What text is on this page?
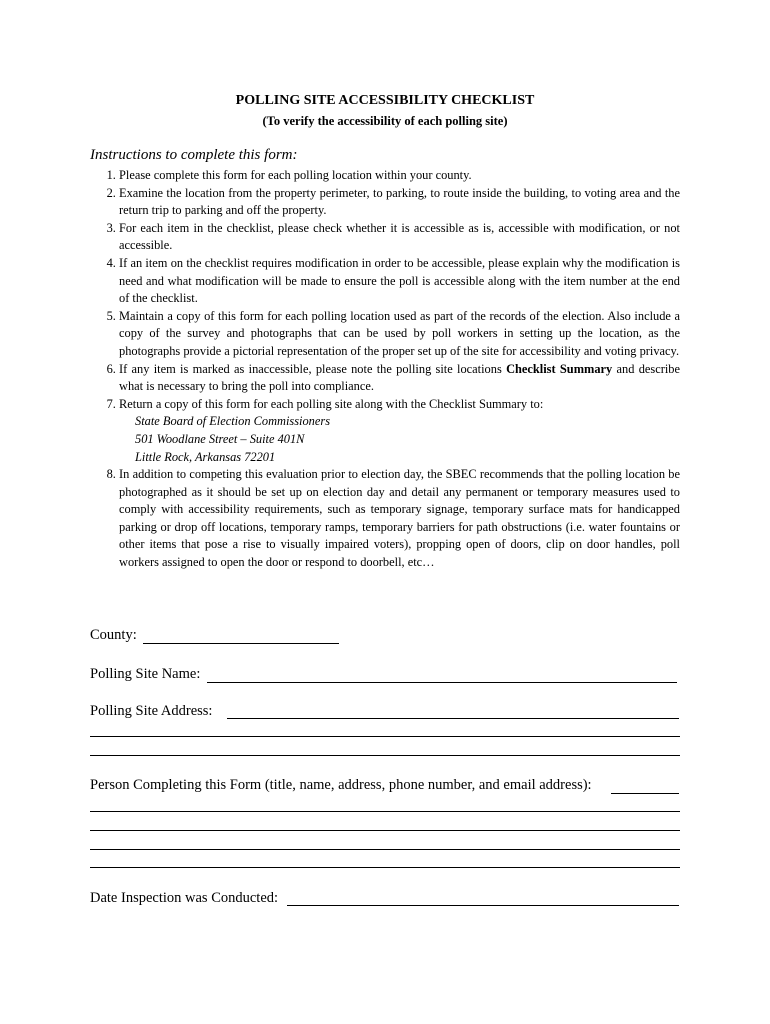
POLLING SITE ACCESSIBILITY CHECKLIST
(To verify the accessibility of each polling site)
Instructions to complete this form:
1. Please complete this form for each polling location within your county.
2. Examine the location from the property perimeter, to parking, to route inside the building, to voting area and the return trip to parking and off the property.
3. For each item in the checklist, please check whether it is accessible as is, accessible with modification, or not accessible.
4. If an item on the checklist requires modification in order to be accessible, please explain why the modification is need and what modification will be made to ensure the poll is accessible along with the item number at the end of the checklist.
5. Maintain a copy of this form for each polling location used as part of the records of the election. Also include a copy of the survey and photographs that can be used by poll workers in setting up the location, as the photographs provide a pictorial representation of the proper set up of the site for accessibility and voting privacy.
6. If any item is marked as inaccessible, please note the polling site locations Checklist Summary and describe what is necessary to bring the poll into compliance.
7. Return a copy of this form for each polling site along with the Checklist Summary to:
State Board of Election Commissioners
501 Woodlane Street – Suite 401N
Little Rock, Arkansas 72201
8. In addition to competing this evaluation prior to election day, the SBEC recommends that the polling location be photographed as it should be set up on election day and detail any permanent or temporary measures used to comply with accessibility requirements, such as temporary signage, temporary surface mats for handicapped parking or drop off locations, temporary ramps, temporary barriers for path obstructions (i.e. water fountains or other items that pose a rise to visually impaired voters), propping open of doors, clip on door handles, poll workers assigned to open the door or respond to doorbell, etc…
County:
Polling Site Name:
Polling Site Address:
Person Completing this Form (title, name, address, phone number, and email address):
Date Inspection was Conducted:
